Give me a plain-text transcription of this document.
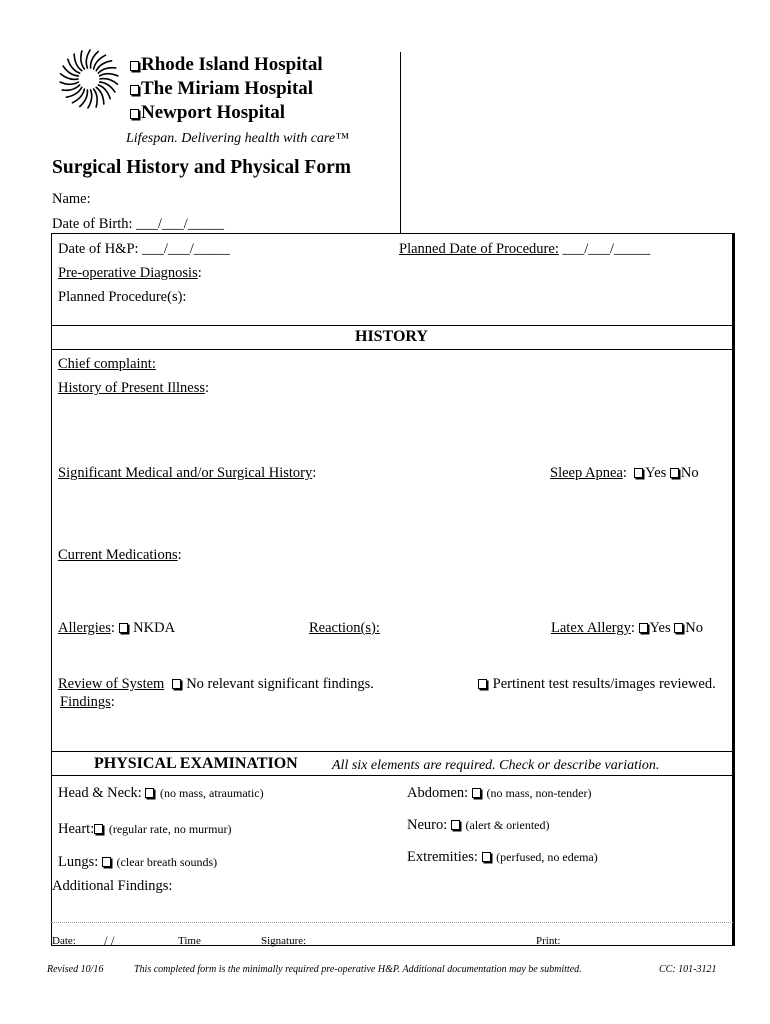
Rhode Island Hospital
The Miriam Hospital
Newport Hospital
Lifespan. Delivering health with care™
Surgical History and Physical Form
Name:
Date of Birth: ___/___/_____
Date of H&P: ___/___/_____	Planned Date of Procedure: ___/___/_____
Pre-operative Diagnosis:
Planned Procedure(s):
HISTORY
Chief complaint:
History of Present Illness:
Significant Medical and/or Surgical History:	Sleep Apnea:  Yes No
Current Medications:
Allergies:  NKDA	Reaction(s):	Latex Allergy: Yes No
Review of System No relevant significant findings.	Pertinent test results/images reviewed.
Findings:
PHYSICAL EXAMINATION All six elements are required. Check or describe variation.
Head & Neck: (no mass, atraumatic)	Abdomen: (no mass, non-tender)
Heart: (regular rate, no murmur)	Neuro: (alert & oriented)
Lungs: (clear breath sounds)	Extremities: (perfused, no edema)
Additional Findings:
Date: / /	Time	Signature:	Print:
Revised 10/16	This completed form is the minimally required pre-operative H&P. Additional documentation may be submitted.	CC: 101-3121
